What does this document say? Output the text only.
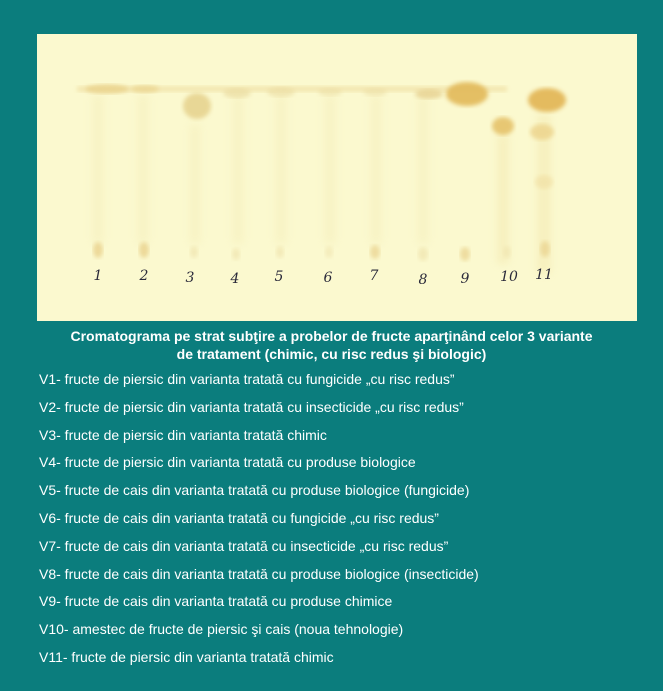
1	2	3	4	5	6	7	8 9 10 11
Cromatograma pe strat subţire a probelor de fructe aparţinând celor 3 variante
de tratament (chimic, cu risc redus şi biologic)
V1- fructe de piersic din varianta tratată cu fungicide „cu risc redus”
V2- fructe de piersic din varianta tratată cu insecticide „cu risc redus”
V3- fructe de piersic din varianta tratată chimic
V4- fructe de piersic din varianta tratată cu produse biologice
V5- fructe de cais din varianta tratată cu produse biologice (fungicide)
V6- fructe de cais din varianta tratată cu fungicide „cu risc redus”
V7- fructe de cais din varianta tratată cu insecticide „cu risc redus”
V8- fructe de cais din varianta tratată cu produse biologice (insecticide)
V9- fructe de cais din varianta tratată cu produse chimice
V10- amestec de fructe de piersic şi cais (noua tehnologie)
V11- fructe de piersic din varianta tratată chimic
